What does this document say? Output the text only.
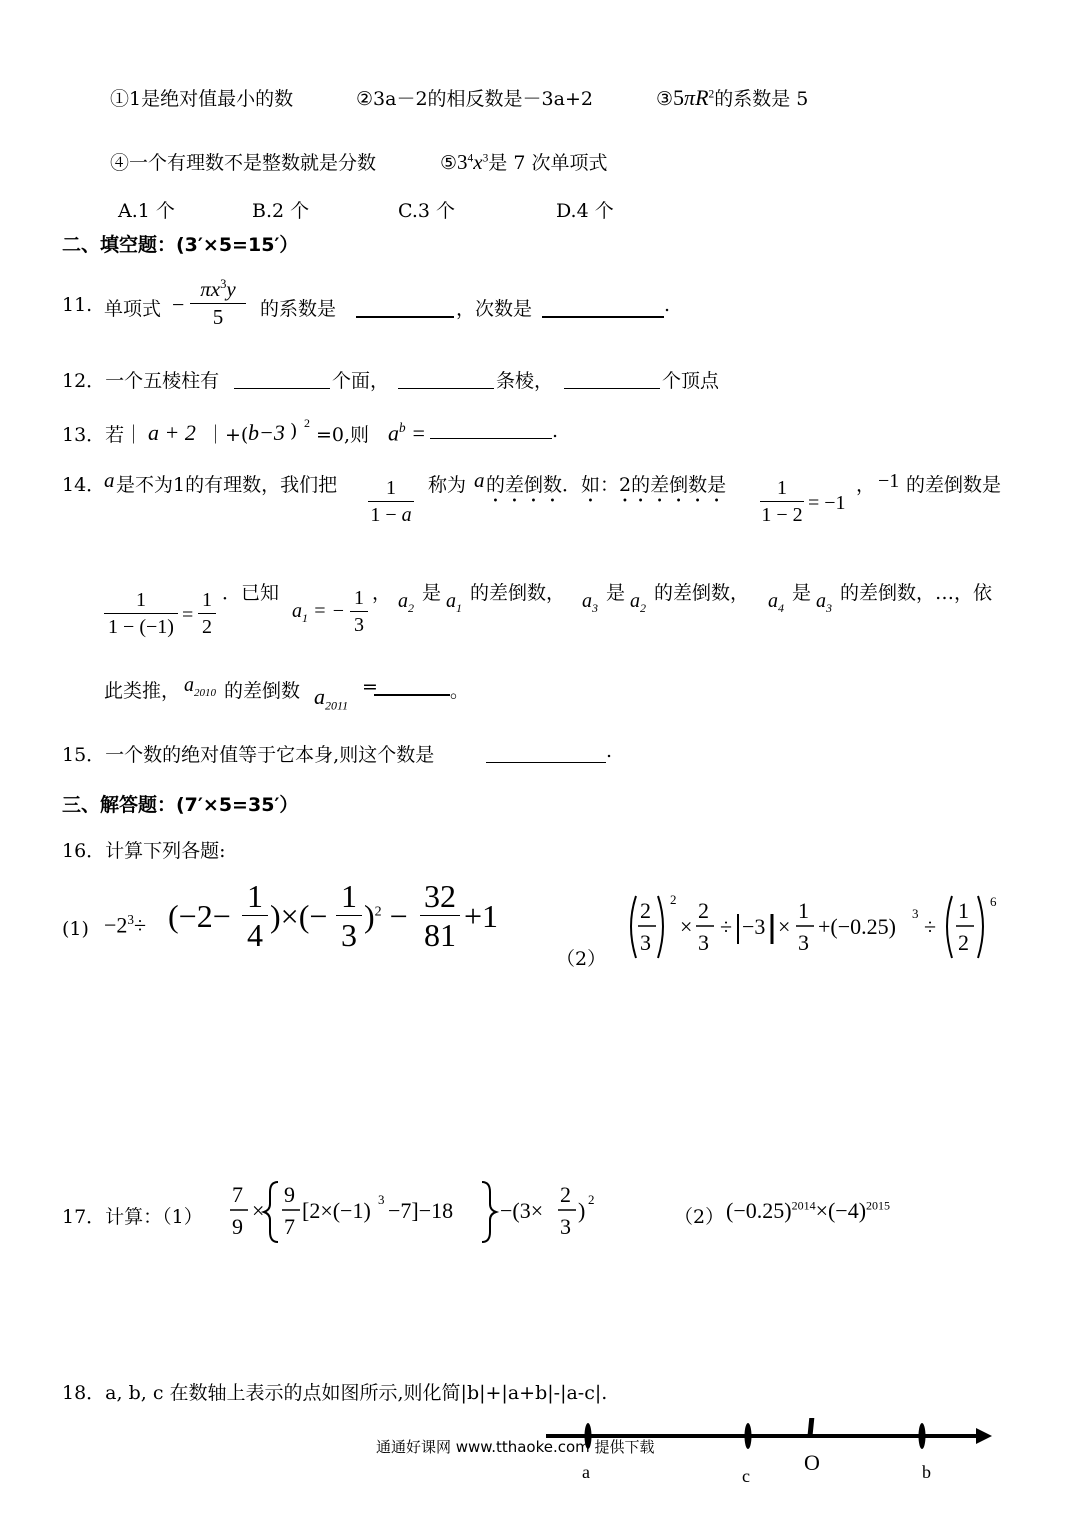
①1是绝对值最小的数	②3a－2的相反数是－3a+2	$③5\pi R^2$的系数是 5
④一个有理数不是整数就是分数	$⑤3^4x^3$是 7 次单项式
A.1 个	B.2 个	C.3 个	D.4 个
二、填空题：(3′×5=15′）
11. 单项式 −
$\pi x^3y$
5	的系数是	，次数是	.
12．一个五棱柱有	个面，	条棱，	个顶点
13．若｜ a + 2 ｜+( b−3 ) 2
=0,则 $a^b$ =	.
14．
a 是不为1的有理数，我们把	1
1 − a
称为 a 的差倒数．如：2的差倒数是	1
1 − 2
= −1
， −1 的差倒数是
1
1 − (−1)
=
1
2
．已知
$a_1$ = −
1
3
， $a_2$
是 $a_1$
的差倒数， $a_3$
是 $a_2$
的差倒数， $a_4$
是 $a_3$
的差倒数，…，依
此类推， $a_{2010}$ 的差倒数 $a_{2011}$
=	。
15．一个数的绝对值等于它本身,则这个数是	.
三、解答题：(7′×5=35′）
16．计算下列各题:
$(1) -2^3\div (-2-$
1
4
)×(−
1
3
)$^2$ −
32
81
+1
（2）
2
3
2
×
2
3
÷ −3 ×
1
3
+(−0.25)
3
÷
1
2
6
17．计算：（1）
7
9
×
9
7
[2×(−1) 3 −7]−18 −(3×
2
3
) 2
（2） $(-0.25)^{2014}\times(-4)^{2015}$
18．a, b, c 在数轴上表示的点如图所示,则化简|b|+|a+b|-|a-c|.
a	c
O	b
通通好课网 www.tthaoke.com 提供下载
